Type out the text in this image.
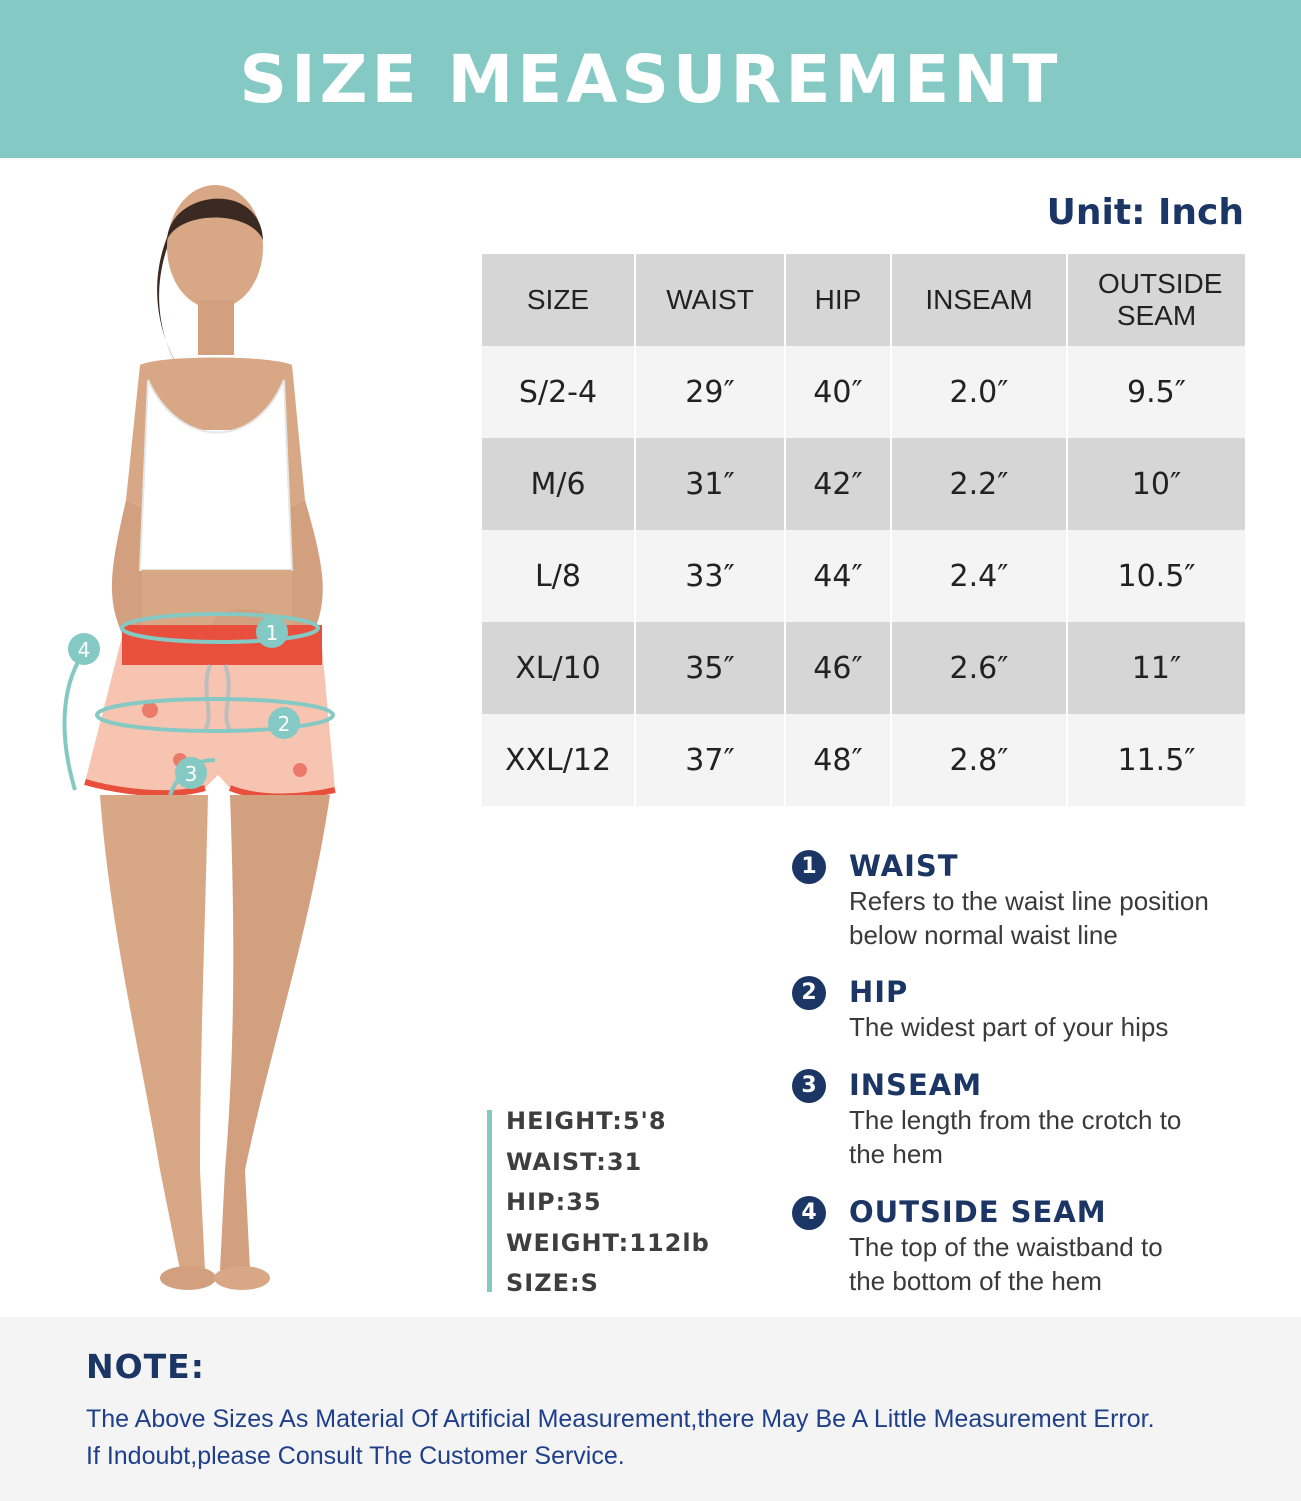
SIZE MEASUREMENT
Unit: Inch
SIZE	WAIST	HIP	INSEAM	OUTSIDE SEAM
S/2-4	29″	40″	2.0″	9.5″
M/6	31″	42″	2.2″	10″
L/8	33″	44″	2.4″	10.5″
XL/10	35″	46″	2.6″	11″
XXL/12	37″	48″	2.8″	11.5″
1
2
3
4
HEIGHT:5'8
WAIST:31
HIP:35
WEIGHT:112lb
SIZE:S
1	WAIST
Refers to the waist line position
below normal waist line
2	HIP
The widest part of your hips
3	INSEAM
The length from the crotch to
the hem
4	OUTSIDE SEAM
The top of the waistband to
the bottom of the hem
NOTE:
The Above Sizes As Material Of Artificial Measurement,there May Be A Little Measurement Error.
If Indoubt,please Consult The Customer Service.
